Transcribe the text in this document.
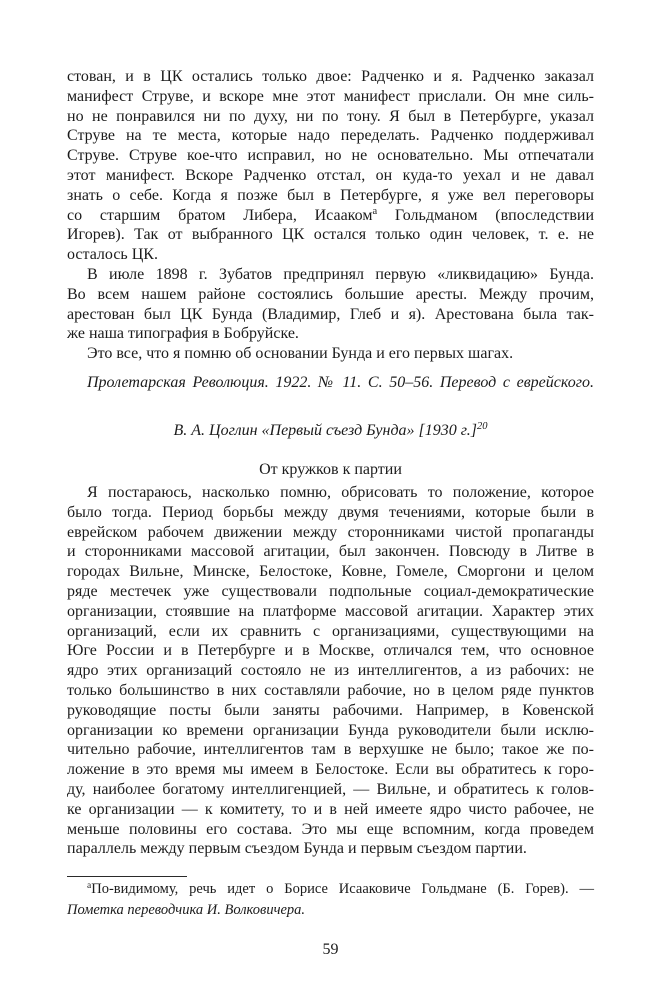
стован, и в ЦК остались только двое: Радченко и я. Радченко заказал
манифест Струве, и вскоре мне этот манифест прислали. Он мне силь-
но не понравился ни по духу, ни по тону. Я был в Петербурге, указал
Струве на те места, которые надо переделать. Радченко поддерживал
Струве. Струве кое-что исправил, но не основательно. Мы отпечатали
этот манифест. Вскоре Радченко отстал, он куда-то уехал и не давал
знать о себе. Когда я позже был в Петербурге, я уже вел переговоры
со старшим братом Либера, Исааком$^а$ Гольдманом (впоследствии
Игорев). Так от выбранного ЦК остался только один человек, т. е. не
осталось ЦК.
В июле 1898 г. Зубатов предпринял первую «ликвидацию» Бунда.
Во всем нашем районе состоялись большие аресты. Между прочим,
арестован был ЦК Бунда (Владимир, Глеб и я). Арестована была так-
же наша типография в Бобруйске.
Это все, что я помню об основании Бунда и его первых шагах.
Пролетарская Революция. 1922. № 11. С. 50–56. Перевод с еврейского.
В. А. Цоглин «Первый съезд Бунда» [1930 г.]$^{20}$
От кружков к партии
Я постараюсь, насколько помню, обрисовать то положение, которое
было тогда. Период борьбы между двумя течениями, которые были в
еврейском рабочем движении между сторонниками чистой пропаганды
и сторонниками массовой агитации, был закончен. Повсюду в Литве в
городах Вильне, Минске, Белостоке, Ковне, Гомеле, Сморгони и целом
ряде местечек уже существовали подпольные социал-демократические
организации, стоявшие на платформе массовой агитации. Характер этих
организаций, если их сравнить с организациями, существующими на
Юге России и в Петербурге и в Москве, отличался тем, что основное
ядро этих организаций состояло не из интеллигентов, а из рабочих: не
только большинство в них составляли рабочие, но в целом ряде пунктов
руководящие посты были заняты рабочими. Например, в Ковенской
организации ко времени организации Бунда руководители были исклю-
чительно рабочие, интеллигентов там в верхушке не было; такое же по-
ложение в это время мы имеем в Белостоке. Если вы обратитесь к горо-
ду, наиболее богатому интеллигенцией, — Вильне, и обратитесь к голов-
ке организации — к комитету, то и в ней имеете ядро чисто рабочее, не
меньше половины его состава. Это мы еще вспомним, когда проведем
параллель между первым съездом Бунда и первым съездом партии.
$^a$По-видимому, речь идет о Борисе Исааковиче Гольдмане (Б. Горев). —
Пометка переводчика И. Волковичера.
59
